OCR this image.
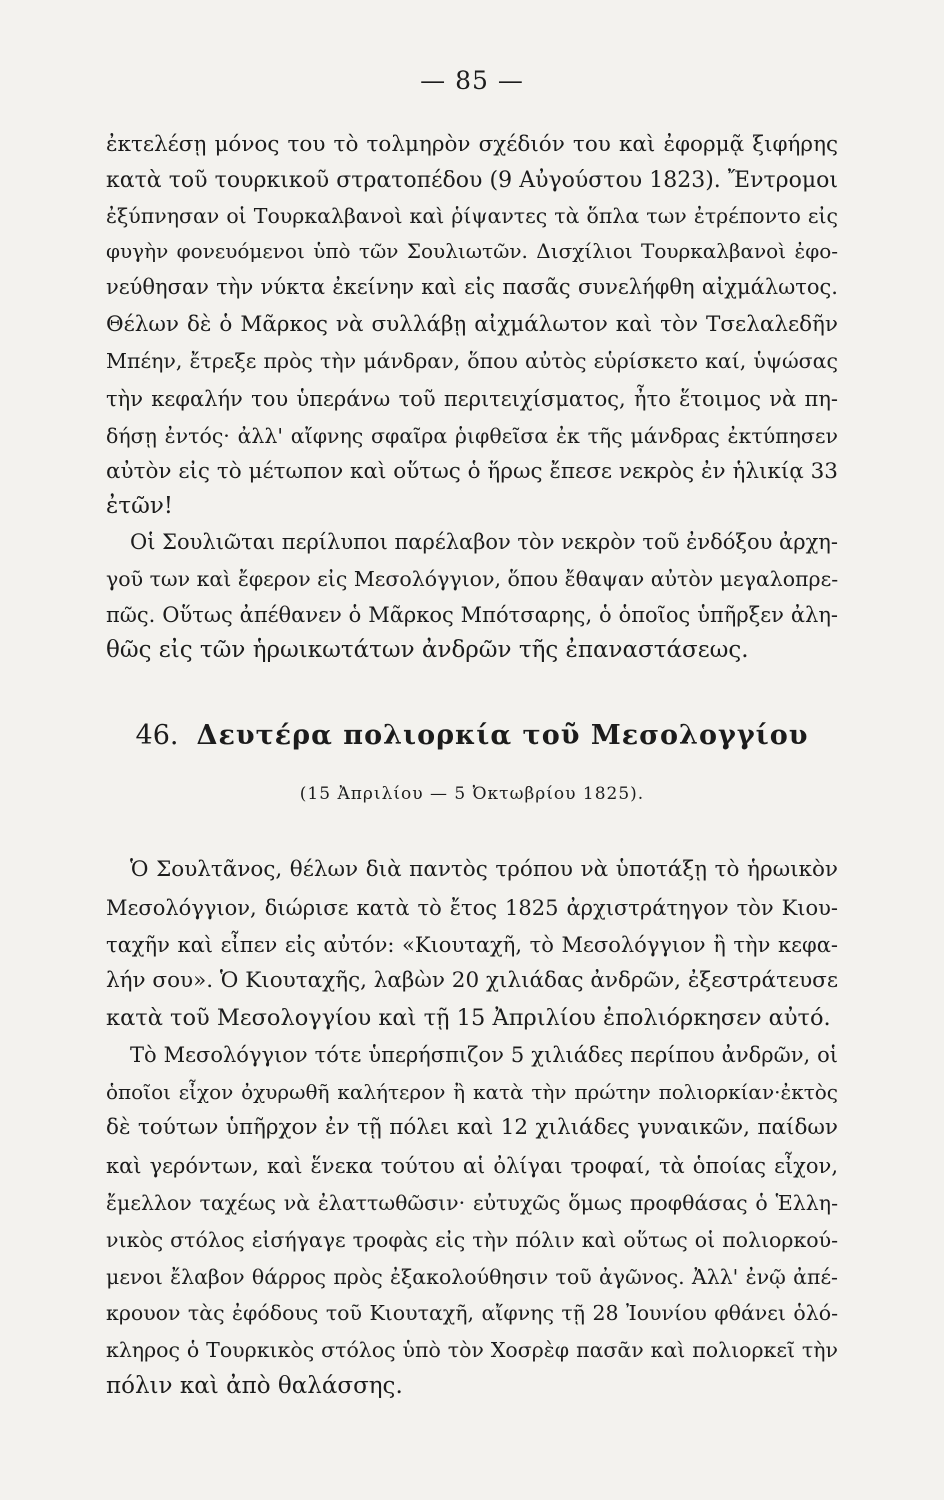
— 85 —
ἐκτελέσῃ μόνος του τὸ τολμηρὸν σχέδιόν του καὶ ἐφορμᾷ ξιφήρης
κατὰ τοῦ τουρκικοῦ στρατοπέδου (9 Αὐγούστου 1823). Ἔντρομοι
ἐξύπνησαν οἱ Τουρκαλβανοὶ καὶ ῥίψαντες τὰ ὅπλα των ἐτρέποντο εἰς
φυγὴν φονευόμενοι ὑπὸ τῶν Σουλιωτῶν. Δισχίλιοι Τουρκαλβανοὶ ἐφο-
νεύθησαν τὴν νύκτα ἐκείνην καὶ εἰς πασᾶς συνελήφθη αἰχμάλωτος.
Θέλων δὲ ὁ Μᾶρκος νὰ συλλάβῃ αἰχμάλωτον καὶ τὸν Τσελαλεδῆν
Μπέην, ἔτρεξε πρὸς τὴν μάνδραν, ὅπου αὐτὸς εὑρίσκετο καί, ὑψώσας
τὴν κεφαλήν του ὑπεράνω τοῦ περιτειχίσματος, ἦτο ἕτοιμος νὰ πη-
δήσῃ ἐντός· ἀλλ' αἴφνης σφαῖρα ῥιφθεῖσα ἐκ τῆς μάνδρας ἐκτύπησεν
αὐτὸν εἰς τὸ μέτωπον καὶ οὕτως ὁ ἥρως ἔπεσε νεκρὸς ἐν ἡλικίᾳ 33
ἐτῶν!
Οἱ Σουλιῶται περίλυποι παρέλαβον τὸν νεκρὸν τοῦ ἐνδόξου ἀρχη-
γοῦ των καὶ ἔφερον εἰς Μεσολόγγιον, ὅπου ἔθαψαν αὐτὸν μεγαλοπρε-
πῶς. Οὕτως ἀπέθανεν ὁ Μᾶρκος Μπότσαρης, ὁ ὁποῖος ὑπῆρξεν ἀλη-
θῶς εἰς τῶν ἡρωικωτάτων ἀνδρῶν τῆς ἐπαναστάσεως.
46. Δευτέρα πολιορκία τοῦ Μεσολογγίου
(15 Ἀπριλίου — 5 Ὀκτωβρίου 1825).
Ὁ Σουλτᾶνος, θέλων διὰ παντὸς τρόπου νὰ ὑποτάξῃ τὸ ἡρωικὸν
Μεσολόγγιον, διώρισε κατὰ τὸ ἔτος 1825 ἀρχιστράτηγον τὸν Κιου-
ταχῆν καὶ εἶπεν εἰς αὐτόν: «Κιουταχῆ, τὸ Μεσολόγγιον ἢ τὴν κεφα-
λήν σου». Ὁ Κιουταχῆς, λαβὼν 20 χιλιάδας ἀνδρῶν, ἐξεστράτευσε
κατὰ τοῦ Μεσολογγίου καὶ τῇ 15 Ἀπριλίου ἐπολιόρκησεν αὐτό.
Τὸ Μεσολόγγιον τότε ὑπερήσπιζον 5 χιλιάδες περίπου ἀνδρῶν, οἱ
ὁποῖοι εἶχον ὀχυρωθῆ καλήτερον ἢ κατὰ τὴν πρώτην πολιορκίαν·ἐκτὸς
δὲ τούτων ὑπῆρχον ἐν τῇ πόλει καὶ 12 χιλιάδες γυναικῶν, παίδων
καὶ γερόντων, καὶ ἕνεκα τούτου αἱ ὀλίγαι τροφαί, τὰ ὁποίας εἶχον,
ἔμελλον ταχέως νὰ ἐλαττωθῶσιν· εὐτυχῶς ὅμως προφθάσας ὁ Ἑλλη-
νικὸς στόλος εἰσήγαγε τροφὰς εἰς τὴν πόλιν καὶ οὕτως οἱ πολιορκού-
μενοι ἔλαβον θάρρος πρὸς ἐξακολούθησιν τοῦ ἀγῶνος. Ἀλλ' ἐνῷ ἀπέ-
κρουον τὰς ἐφόδους τοῦ Κιουταχῆ, αἴφνης τῇ 28 Ἰουνίου φθάνει ὁλό-
κληρος ὁ Τουρκικὸς στόλος ὑπὸ τὸν Χοσρὲφ πασᾶν καὶ πολιορκεῖ τὴν
πόλιν καὶ ἀπὸ θαλάσσης.
